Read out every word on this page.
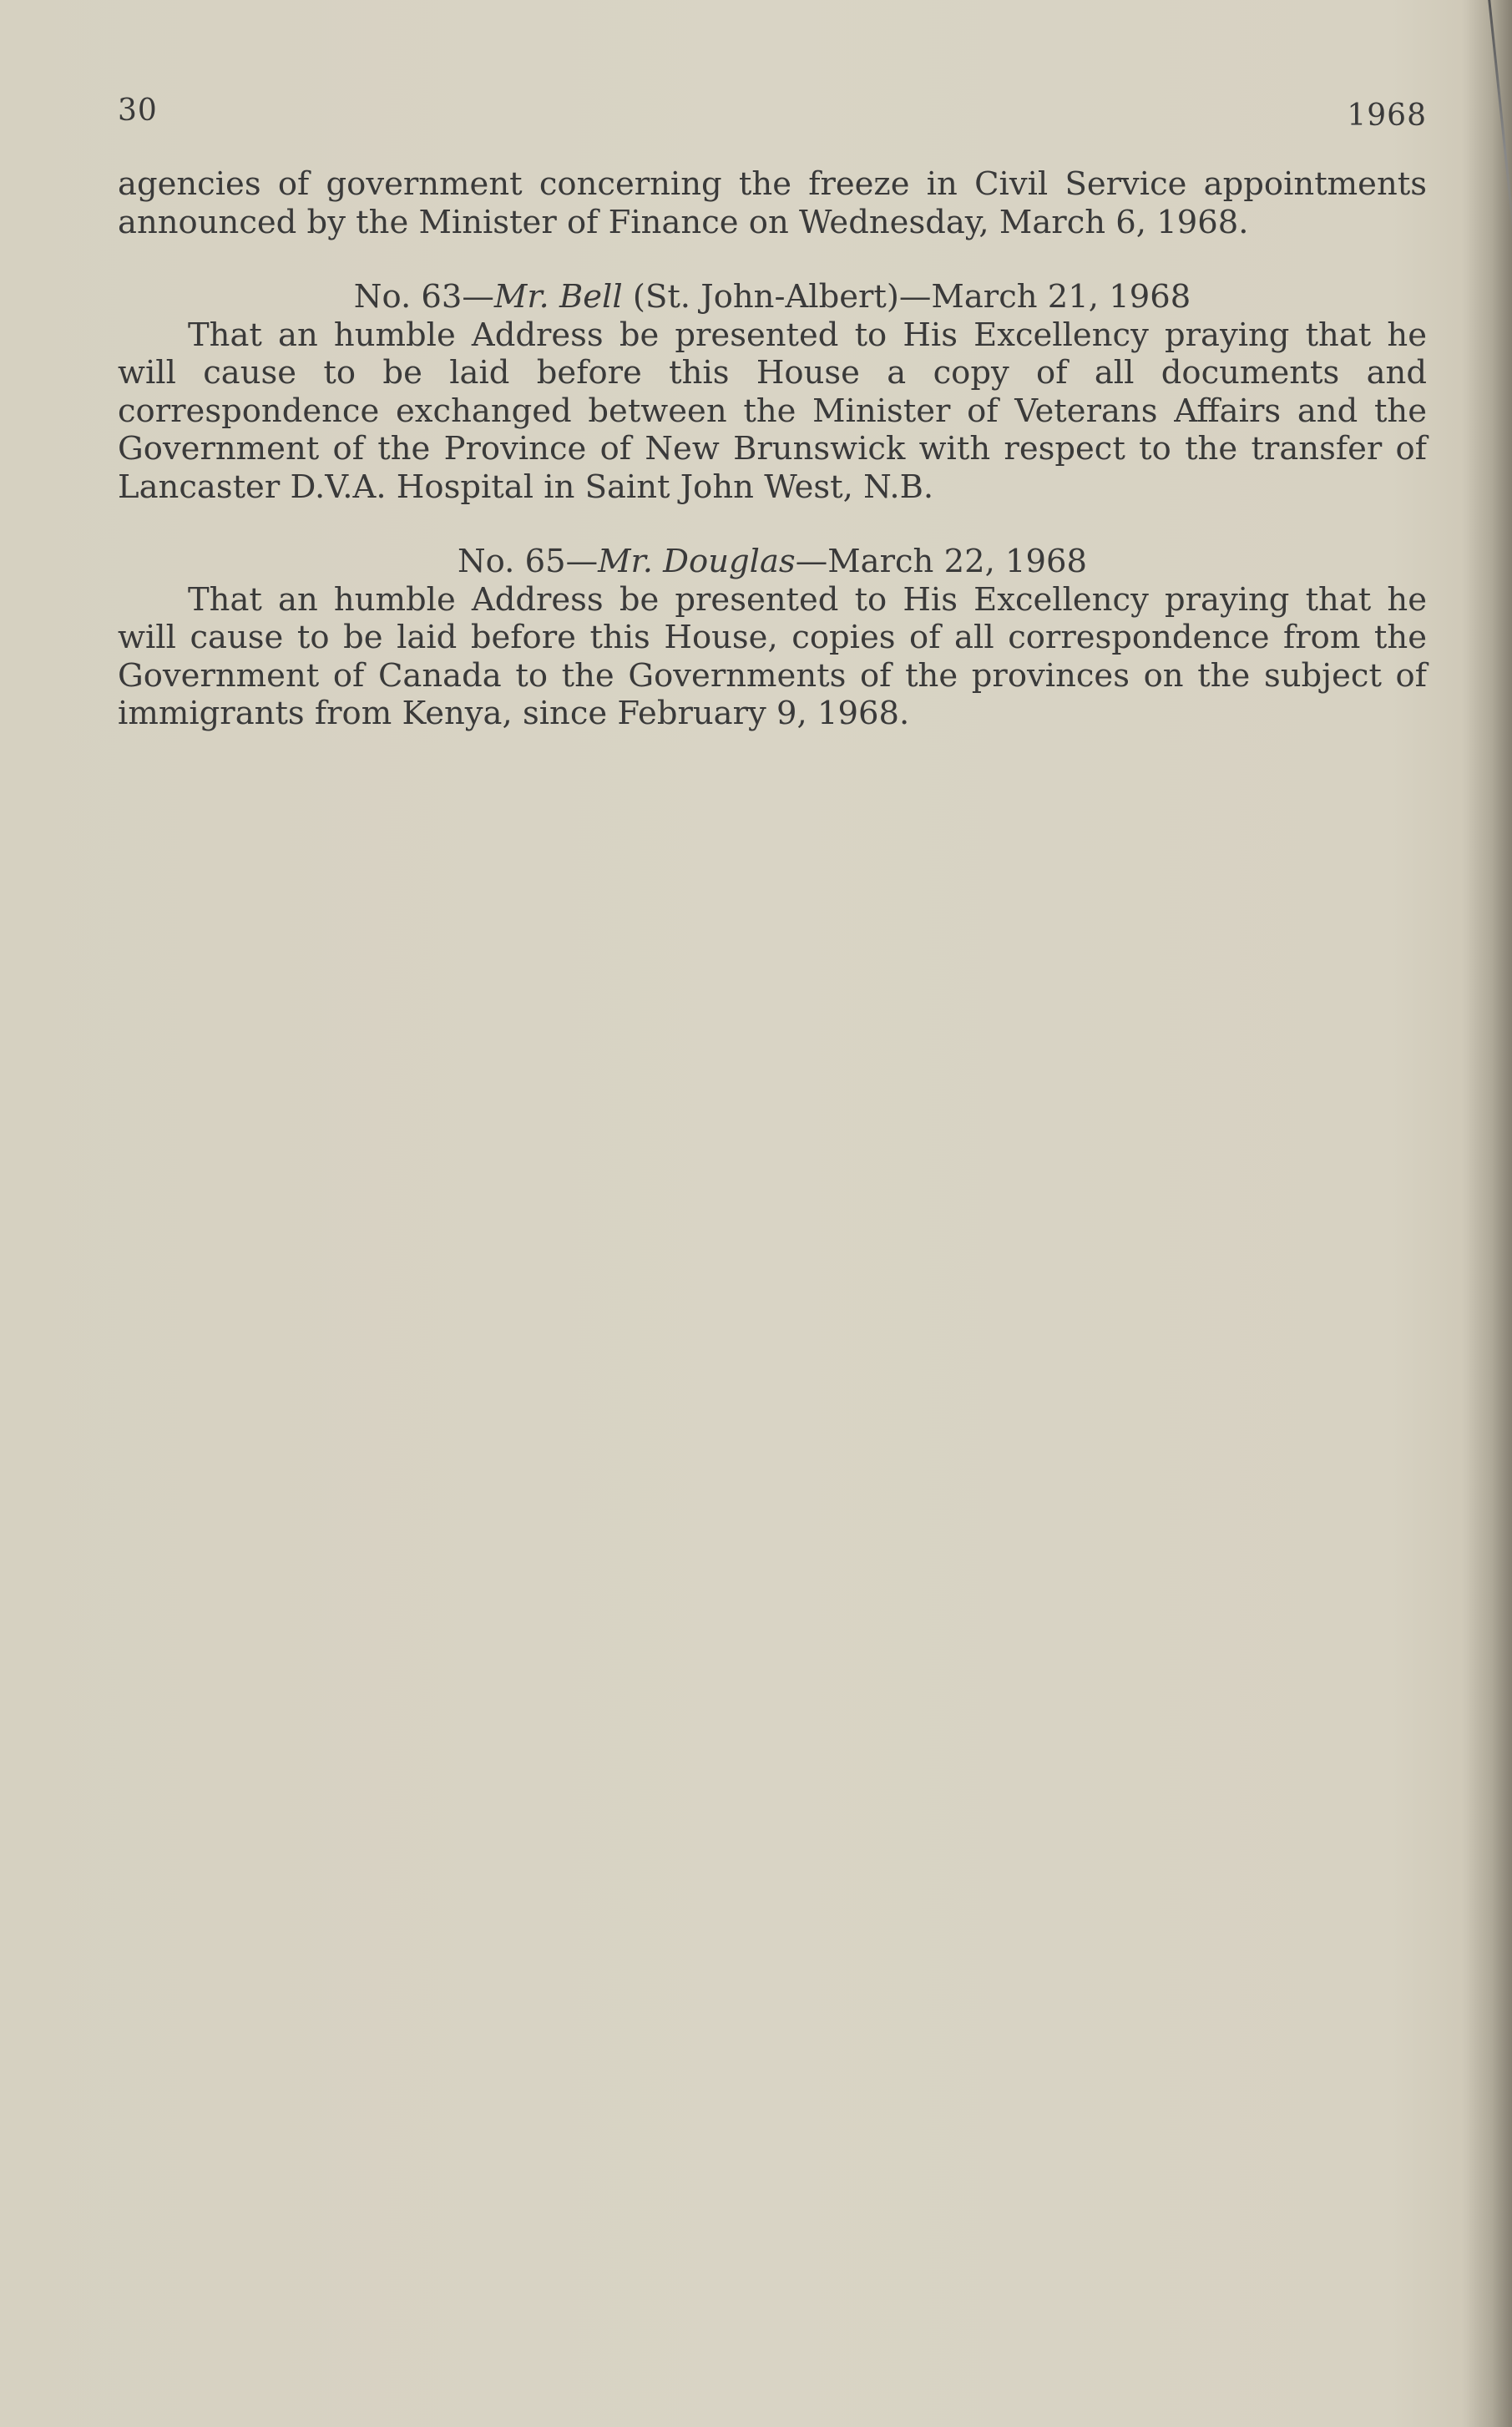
30	1968

agencies of government concerning the freeze in Civil Service appointments announced by the Minister of Finance on Wednesday, March 6, 1968.

No. 63—Mr. Bell (St. John-Albert)—March 21, 1968

That an humble Address be presented to His Excellency praying that he will cause to be laid before this House a copy of all documents and correspondence exchanged between the Minister of Veterans Affairs and the Government of the Province of New Brunswick with respect to the transfer of Lancaster D.V.A. Hospital in Saint John West, N.B.

No. 65—Mr. Douglas—March 22, 1968

That an humble Address be presented to His Excellency praying that he will cause to be laid before this House, copies of all correspondence from the Government of Canada to the Governments of the provinces on the subject of immigrants from Kenya, since February 9, 1968.
